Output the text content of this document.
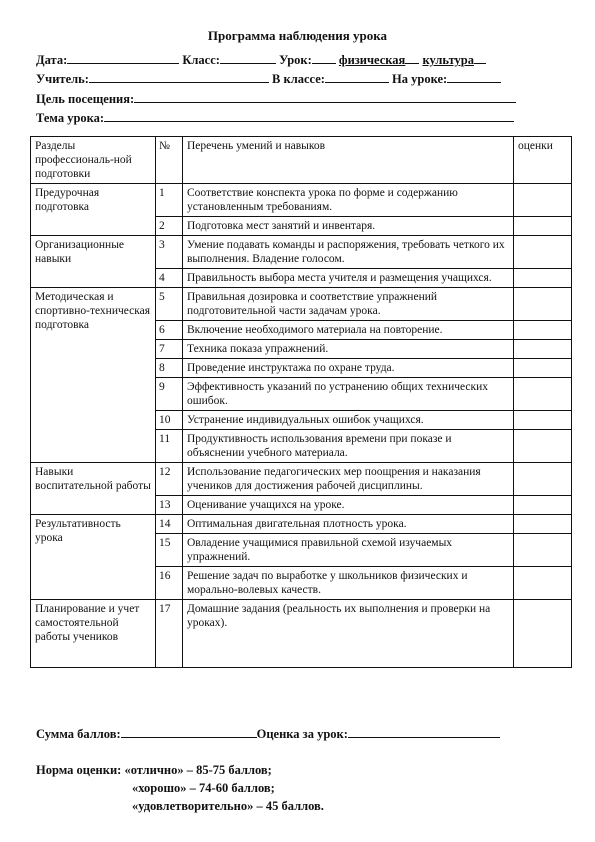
Программа наблюдения урока
Дата:	Класс:	Урок: физическая культура
Учитель:	В классе:	На уроке:
Цель посещения:
Тема урока:
Разделы профессиональ-ной подготовки	№	Перечень умений и навыков	оценки
Предурочная подготовка	1	Соответствие конспекта урока по форме и содержанию установленным требованиям.	
	2	Подготовка мест занятий и инвентаря.	
Организационные навыки	3	Умение подавать команды и распоряжения, требовать четкого их выполнения. Владение голосом.	
	4	Правильность выбора места учителя и размещения учащихся.	
Методическая и спортивно-техническая подготовка	5	Правильная дозировка и соответствие упражнений подготовительной части задачам урока.	
	6	Включение необходимого материала на повторение.	
	7	Техника показа упражнений.	
	8	Проведение инструктажа по охране труда.	
	9	Эффективность указаний по устранению общих технических ошибок.	
	10	Устранение индивидуальных ошибок учащихся.	
	11	Продуктивность использования времени при показе и объяснении учебного материала.	
Навыки воспитательной работы	12	Использование педагогических мер поощрения и наказания учеников для достижения рабочей дисциплины.	
	13	Оценивание учащихся на уроке.	
Результативность урока	14	Оптимальная двигательная плотность урока.	
	15	Овладение учащимися правильной схемой изучаемых упражнений.	
	16	Решение задач по выработке у школьников физических и морально-волевых качеств.	
Планирование и учет самостоятельной работы учеников	17	Домашние задания (реальность их выполнения и проверки на уроках).	
Сумма баллов:	Оценка за урок:
Норма оценки: «отлично» – 85-75 баллов;
«хорошо» – 74-60 баллов;
«удовлетворительно» – 45 баллов.
